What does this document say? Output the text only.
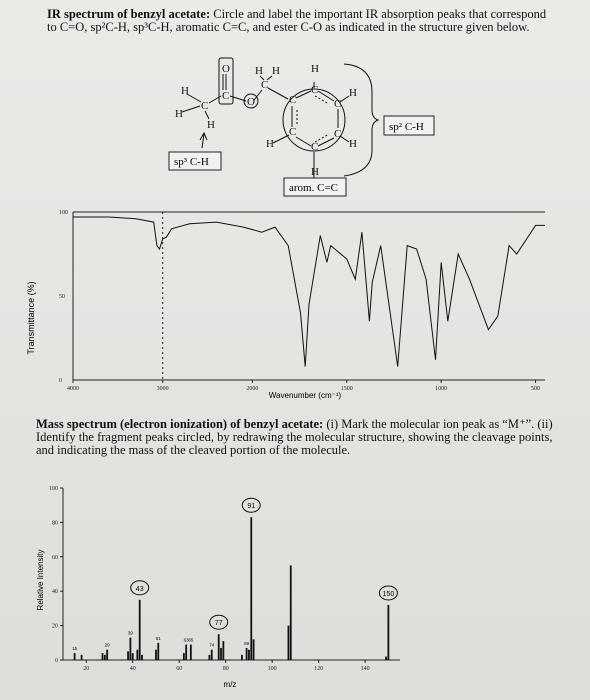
IR spectrum of benzyl acetate: Circle and label the important IR absorption peaks that correspond to C=O, sp²C-H, sp³C-H, aromatic C=C, and ester C-O as indicated in the structure given below.
H
H
H
C
C
O
O
C
H H
C
C
C
C
C
C
H
H
H
H
H
sp³ C-H
sp² C-H
arom. C=C
Transmittance (%)
Wavenumber (cm⁻¹)
100
50
0
4000	3000	2000	1500	1000	500
Mass spectrum (electron ionization) of benzyl acetate: (i) Mark the molecular ion peak as “M⁺”. (ii) Identify the fragment peaks circled, by redrawing the molecular structure, showing the cleavage points, and indicating the mass of the cleaved portion of the molecule.
Relative Intensity
m/z
100
80
60
40
20
0
20	40	60	80	100	120	140
43
77
91
150
15
29
39
51	63 65
74	89
